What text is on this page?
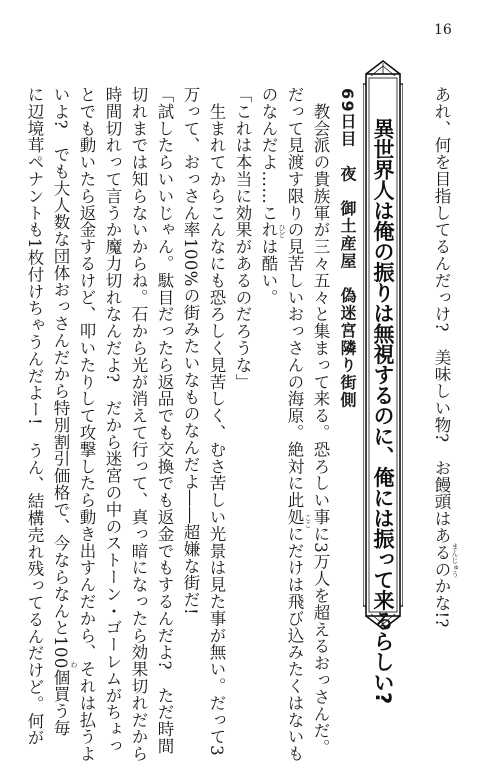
16
あれ、何を目指してるんだっけ?　美味しい物?　お饅頭はあるのかな!?
異世界人は俺の振りは無視するのに、俺には振って来るらしい?
69日目　夜　御土産屋　偽迷宮隣り街側
　教会派の貴族軍が三々五々と集まって来る。恐ろしい事に3万人を超えるおっさんだ。
だって見渡す限りの見苦しいおっさんの海原。絶対に此処にだけは飛び込みたくはないも
のなんだよ……これは酷い。
「これは本当に効果があるのだろうな」
　生まれてからこんなにも恐ろしく見苦しく、むさ苦しい光景は見た事が無い。だって3
万って、おっさん率100%の街みたいなものなんだよ――超嫌な街だ!
「試したらいいじゃん。駄目だったら返品でも交換でも返金でもするんだよ?　ただ時間
切れまでは知らないからね。石から光が消えて行って、真っ暗になったら効果切れだから
時間切れって言うか魔力切れなんだよ?　だから迷宮の中のストーン・ゴーレムがちょっ
とでも動いたら返金するけど、叩いたりして攻撃したら動き出すんだから、それは払うよ
いよ?　でも大人数な団体おっさんだから特別割引価格で、今ならなんと100個買う毎
に辺境茸ペナントも1枚付けちゃうんだよー!　うん、結構売れ残ってるんだけど。何が	まんじゅう
ここ
ひど
わ
